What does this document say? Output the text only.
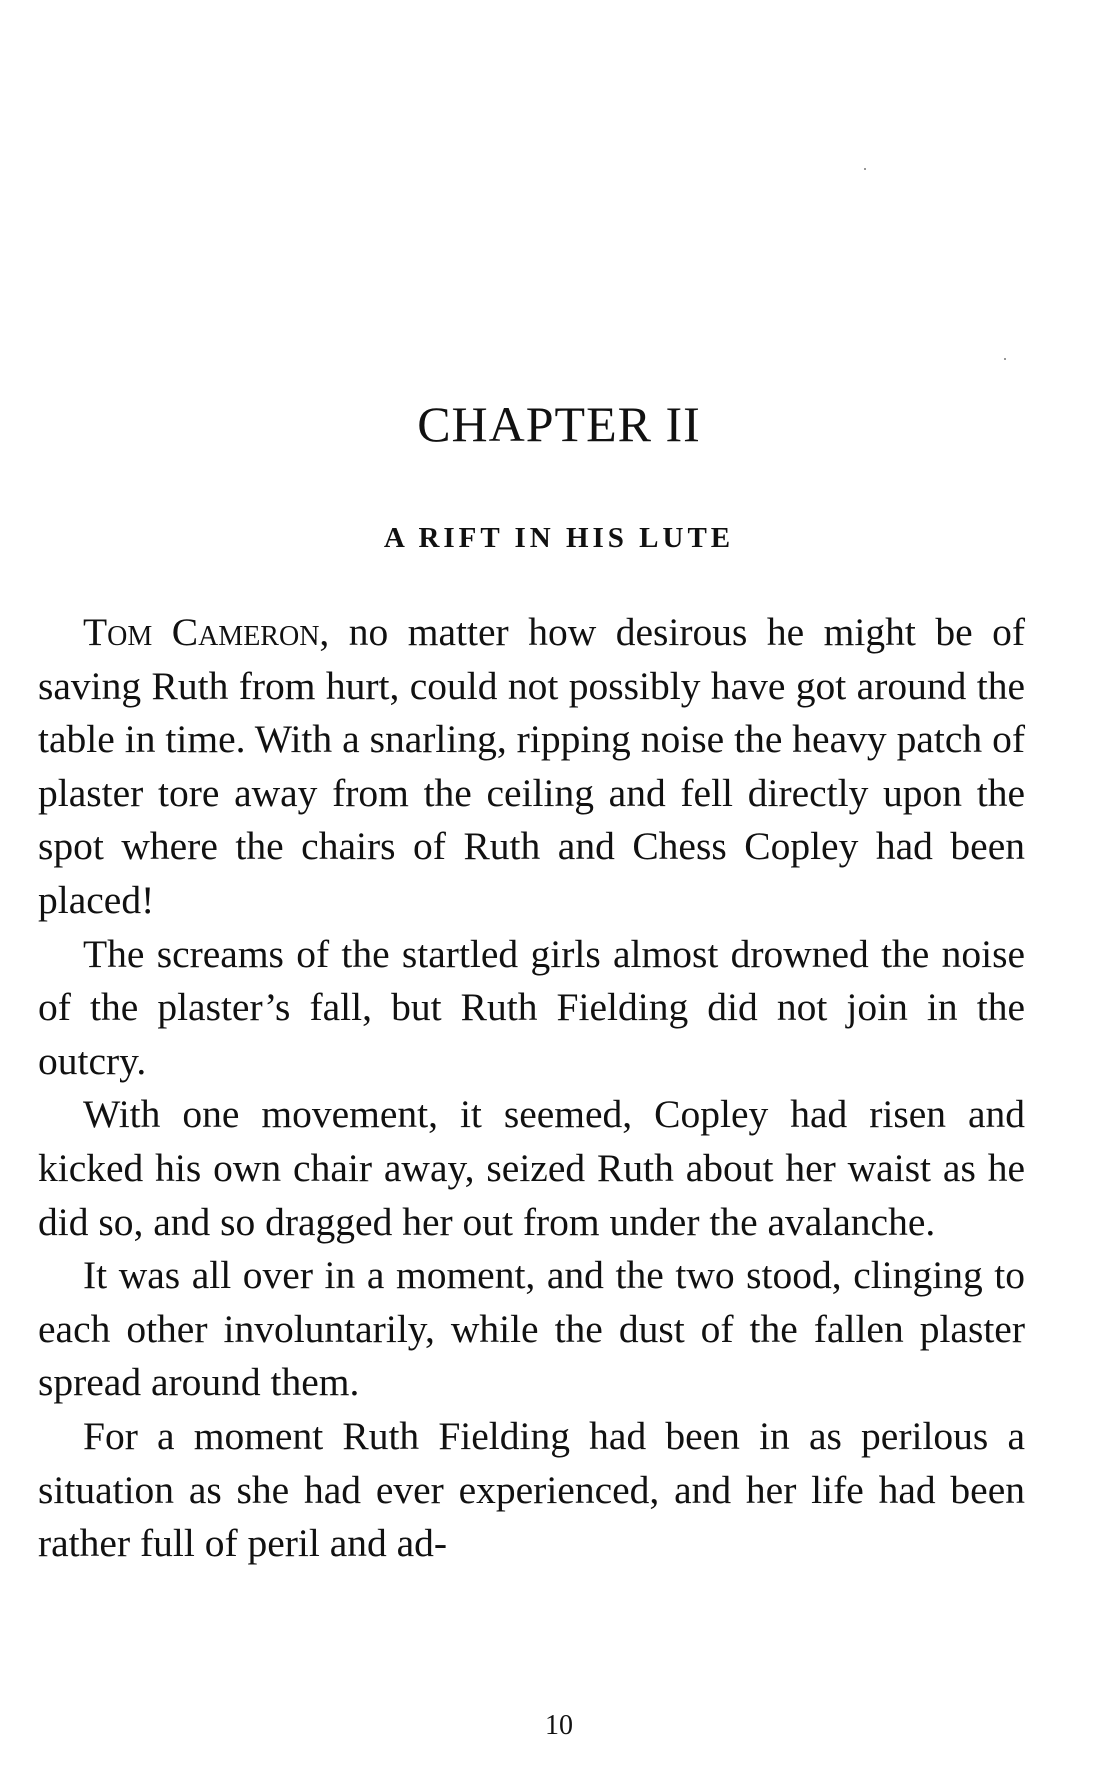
CHAPTER II
A RIFT IN HIS LUTE

Tom Cameron, no matter how desirous he might be of saving Ruth from hurt, could not possibly have got around the table in time. With a snarling, ripping noise the heavy patch of plaster tore away from the ceiling and fell directly upon the spot where the chairs of Ruth and Chess Copley had been placed!

The screams of the startled girls almost drowned the noise of the plaster’s fall, but Ruth Fielding did not join in the outcry.

With one movement, it seemed, Copley had risen and kicked his own chair away, seized Ruth about her waist as he did so, and so dragged her out from under the avalanche.

It was all over in a moment, and the two stood, clinging to each other involuntarily, while the dust of the fallen plaster spread around them.

For a moment Ruth Fielding had been in as perilous a situation as she had ever experienced, and her life had been rather full of peril and ad-

10
